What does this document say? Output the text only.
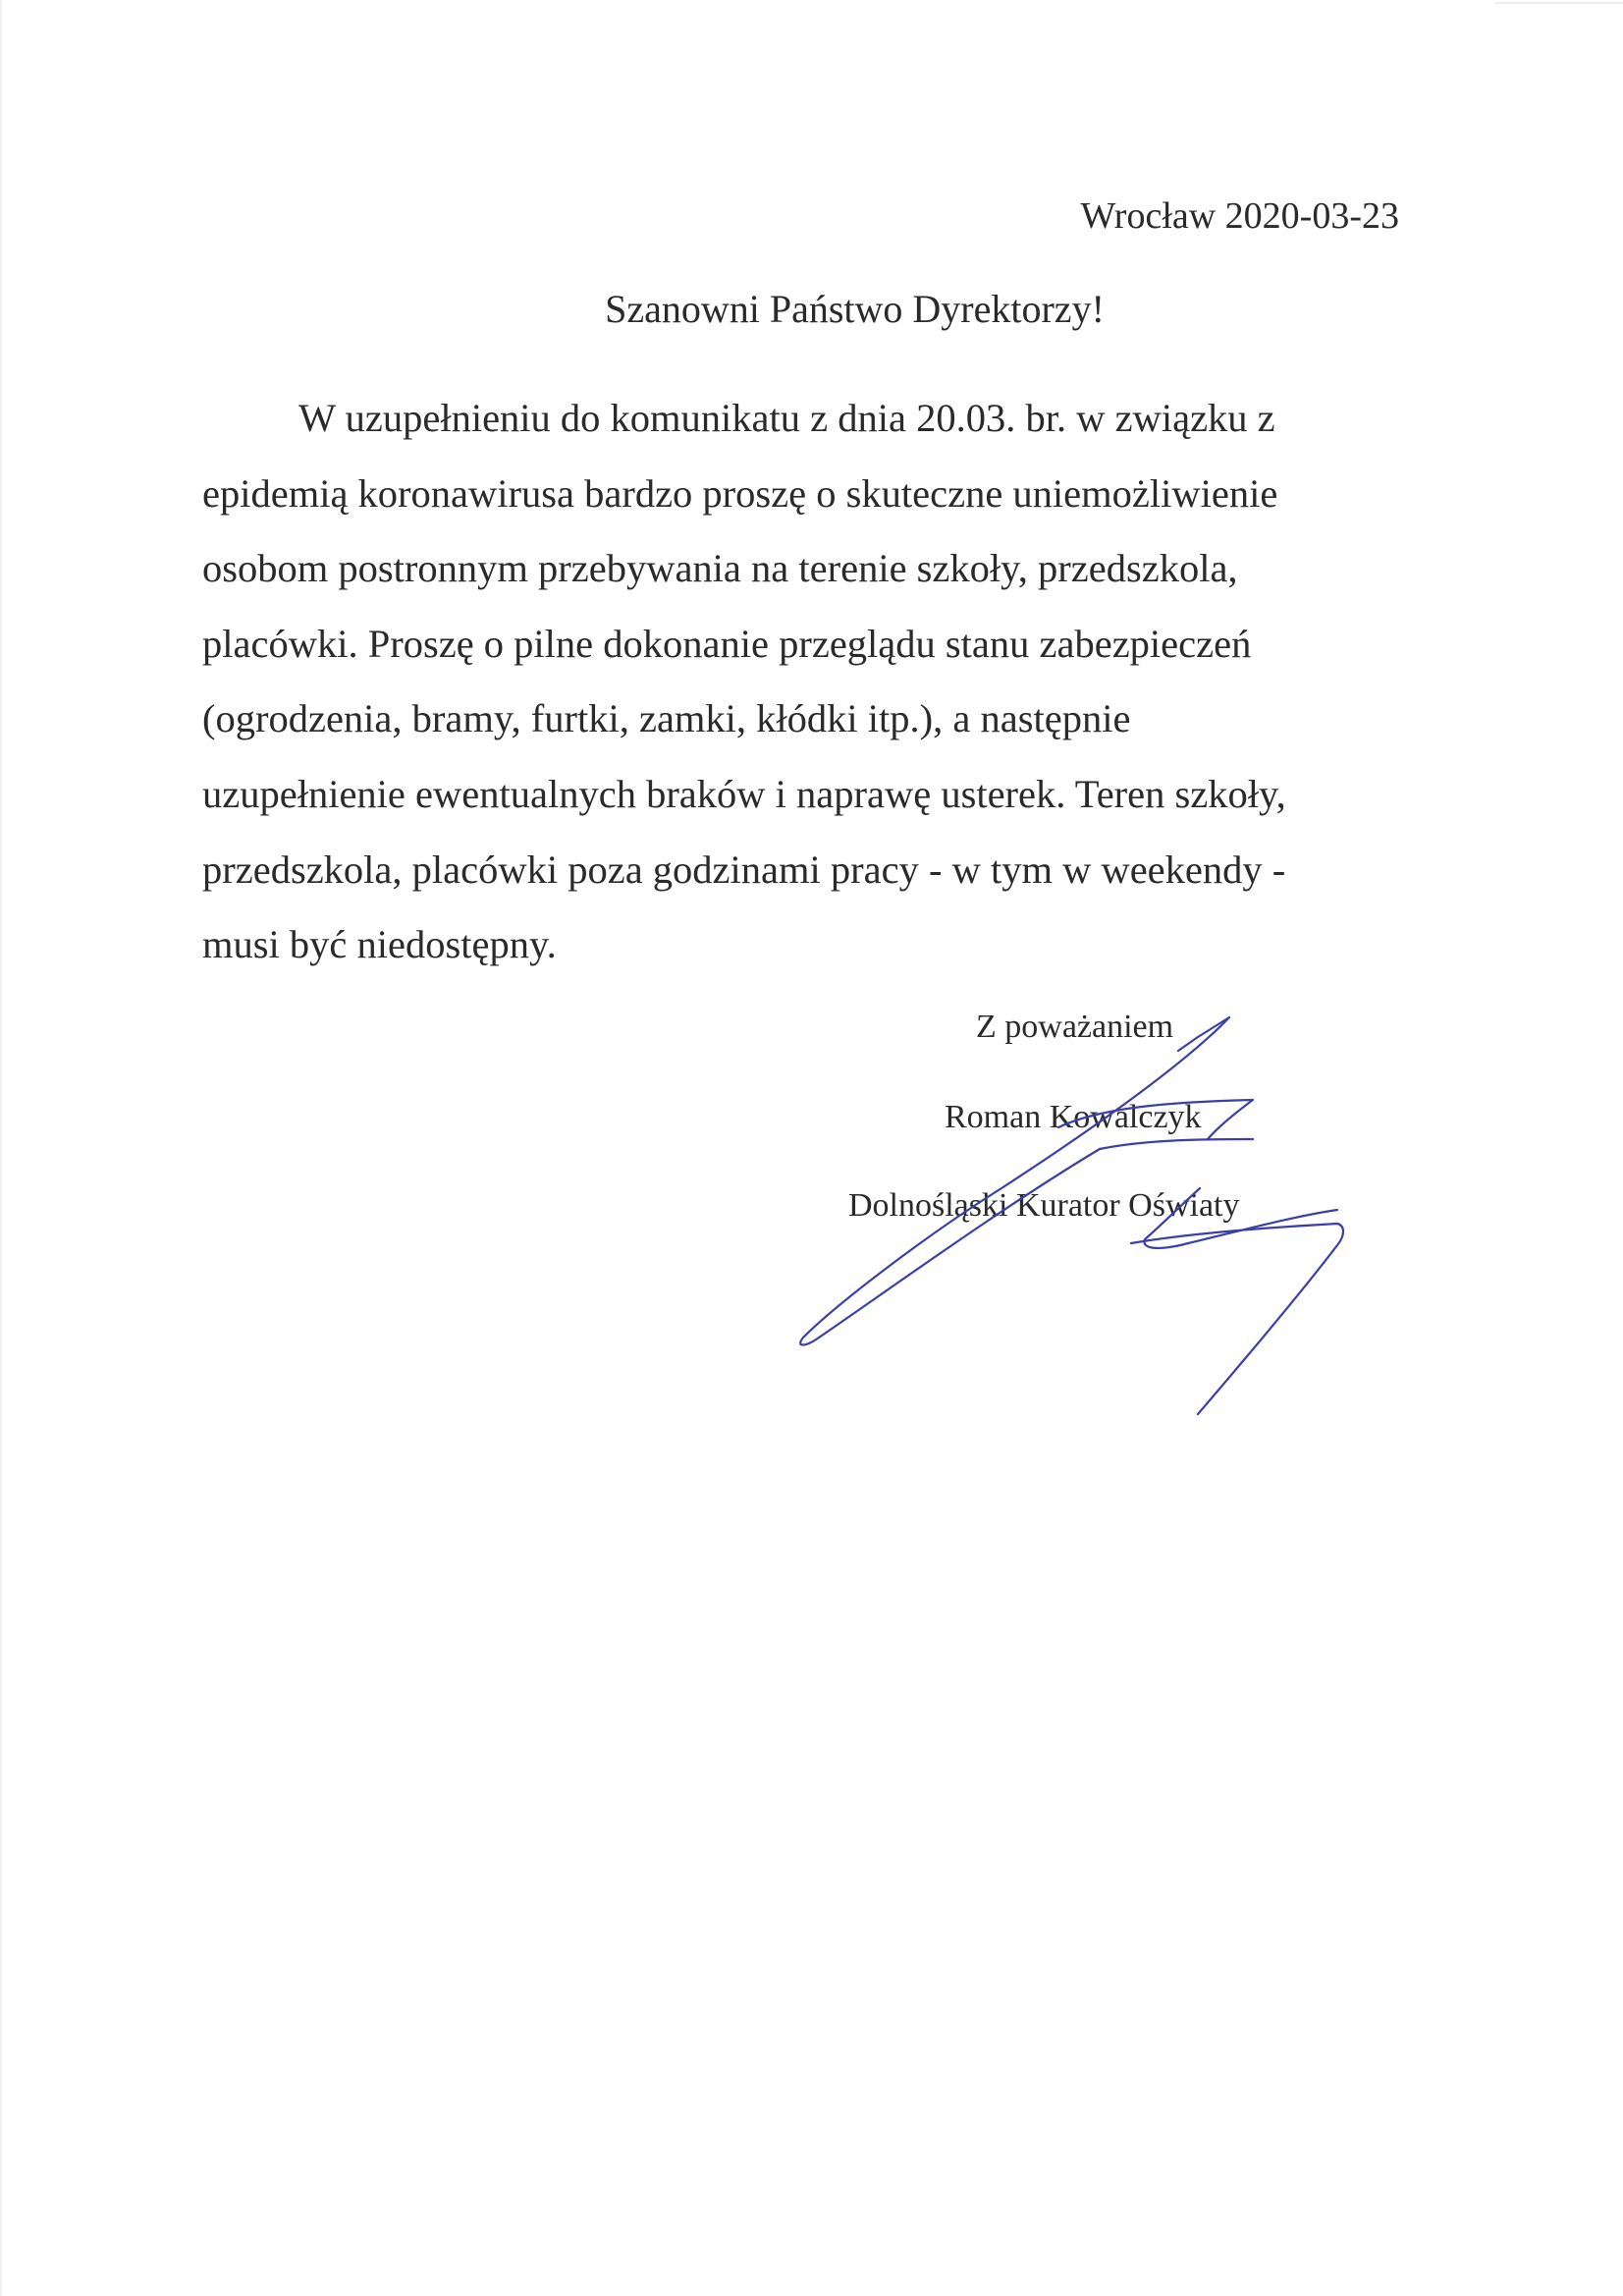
Wrocław 2020-03-23
Szanowni Państwo Dyrektorzy!
W uzupełnieniu do komunikatu z dnia 20.03. br. w związku z
epidemią koronawirusa bardzo proszę o skuteczne uniemożliwienie
osobom postronnym przebywania na terenie szkoły, przedszkola,
placówki. Proszę o pilne dokonanie przeglądu stanu zabezpieczeń
(ogrodzenia, bramy, furtki, zamki, kłódki itp.), a następnie
uzupełnienie ewentualnych braków i naprawę usterek. Teren szkoły,
przedszkola, placówki poza godzinami pracy - w tym w weekendy -
musi być niedostępny.
Z poważaniem
Roman Kowalczyk
Dolnośląski Kurator Oświaty
